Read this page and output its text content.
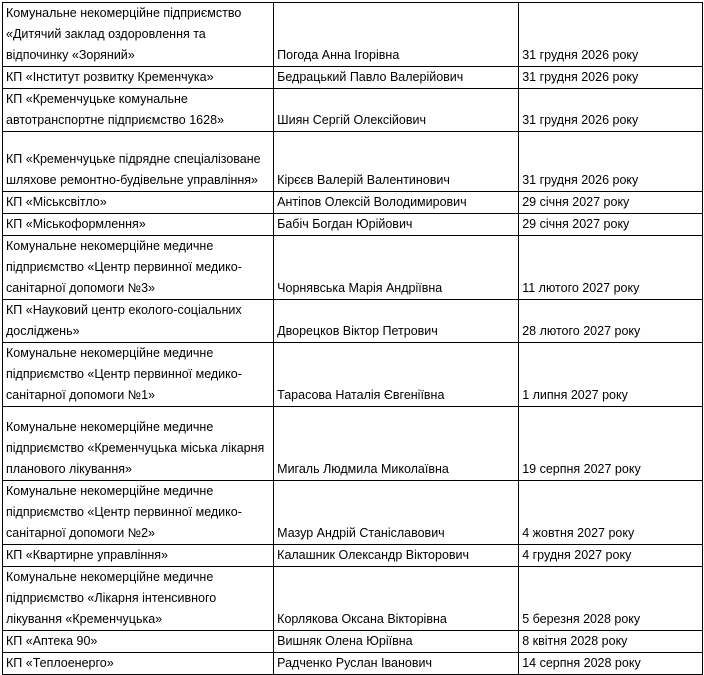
Комунальне некомерційне підприємство «Дитячий заклад оздоровлення та відпочинку «Зоряний»	Погода Анна Ігорівна	31 грудня 2026 року
КП «Інститут розвитку Кременчука»	Бедрацький Павло Валерійович	31 грудня 2026 року
КП «Кременчуцьке комунальне автотранспортне підприємство 1628»	Шиян Сергій Олексійович	31 грудня 2026 року
КП «Кременчуцьке підрядне спеціалізоване шляхове ремонтно-будівельне управління»	Кірєєв Валерій Валентинович	31 грудня 2026 року
КП «Міськсвітло»	Антіпов Олексій Володимирович	29 січня 2027 року
КП «Міськоформлення»	Бабіч Богдан Юрійович	29 січня 2027 року
Комунальне некомерційне медичне підприємство «Центр первинної медико-санітарної допомоги №3»	Чорнявська Марія Андріївна	11 лютого 2027 року
КП «Науковий центр еколого-соціальних досліджень»	Дворецков Віктор Петрович	28 лютого 2027 року
Комунальне некомерційне медичне підприємство «Центр первинної медико-санітарної допомоги №1»	Тарасова Наталія Євгеніївна	1 липня 2027 року
Комунальне некомерційне медичне підприємство «Кременчуцька міська лікарня планового лікування»	Мигаль Людмила Миколаївна	19 серпня 2027 року
Комунальне некомерційне медичне підприємство «Центр первинної медико-санітарної допомоги №2»	Мазур Андрій Станіславович	4 жовтня 2027 року
КП «Квартирне управління»	Калашник Олександр Вікторович	4 грудня 2027 року
Комунальне некомерційне медичне підприємство «Лікарня інтенсивного лікування «Кременчуцька»	Корлякова Оксана Вікторівна	5 березня 2028 року
КП «Аптека 90»	Вишняк Олена Юріївна	8 квітня 2028 року
КП «Теплоенерго»	Радченко Руслан Іванович	14 серпня 2028 року
